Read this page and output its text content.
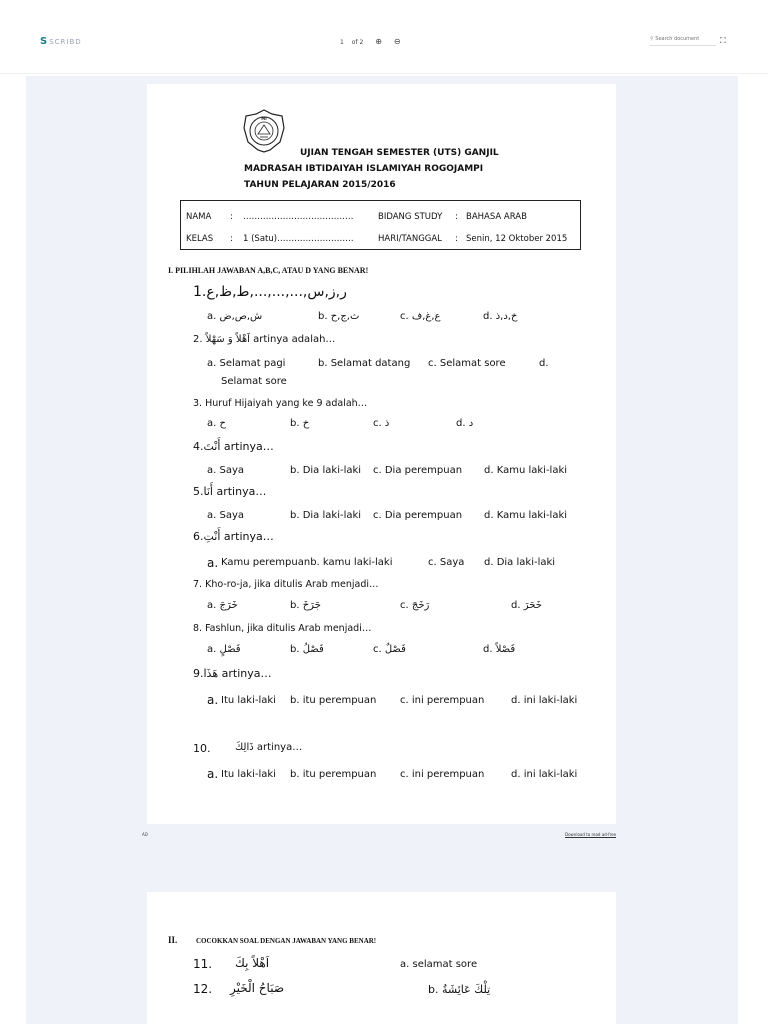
S SCRIBD	1 of 2 ⊕ ⊖	⚲ Search document	⛶
MI
UJIAN TENGAH SEMESTER (UTS) GANJIL
MADRASAH IBTIDAIYAH ISLAMIYAH ROGOJAMPI
TAHUN PELAJARAN 2015/2016
NAMA : …………………………………	BIDANG STUDY : BAHASA ARAB
KELAS : 1 (Satu)………………………	HARI/TANGGAL : Senin, 12 Oktober 2015
I. PILIHLAH JAWABAN A,B,C, ATAU D YANG BENAR!
1.ر,ز,س,...,...,...,ط,ظ,ع
a. ش,ص,ض	b. ث,ج,ح	c. ع,غ,ف	d. خ,د,ذ
2. اَهْلاً وَ سَهْلاً artinya adalah…
a. Selamat pagi	b. Selamat datang c. Selamat sore	d.
Selamat sore
3. Huruf Hijaiyah yang ke 9 adalah…
a. ح	b. خ	c. ذ	d. د
4.أَنْتَ artinya…
a. Saya	b. Dia laki-laki c. Dia perempuan d. Kamu laki-laki
5.أَنَا artinya…
a. Saya	b. Dia laki-laki c. Dia perempuan d. Kamu laki-laki
6.أَنْتِ artinya…
a. Kamu perempuanb. kamu laki-laki	c. Saya d. Dia laki-laki
7. Kho-ro-ja, jika ditulis Arab menjadi…
a. خَرَجَ	b. جَرَخَ	c. رَخَجَ	d. خَحَرَ
8. Fashlun, jika ditulis Arab menjadi…
a. فَصْلٍ	b. فَصْلُ	c. فَصْلٌ	d. فَصْلاً
9.هَذَا artinya…
a. Itu laki-laki b. itu perempuan c. ini perempuan	d. ini laki-laki
10. ذَالِكَ artinya…
a. Itu laki-laki b. itu perempuan c. ini perempuan	d. ini laki-laki
AD	Download to read ad-free
II.	COCOKKAN SOAL DENGAN JAWABAN YANG BENAR!
11. اَهْلاً بِكَ	a. selamat sore
12. صَبَاحُ الْخَيْرِ	b. تِلْكَ عَائِشَةُ
